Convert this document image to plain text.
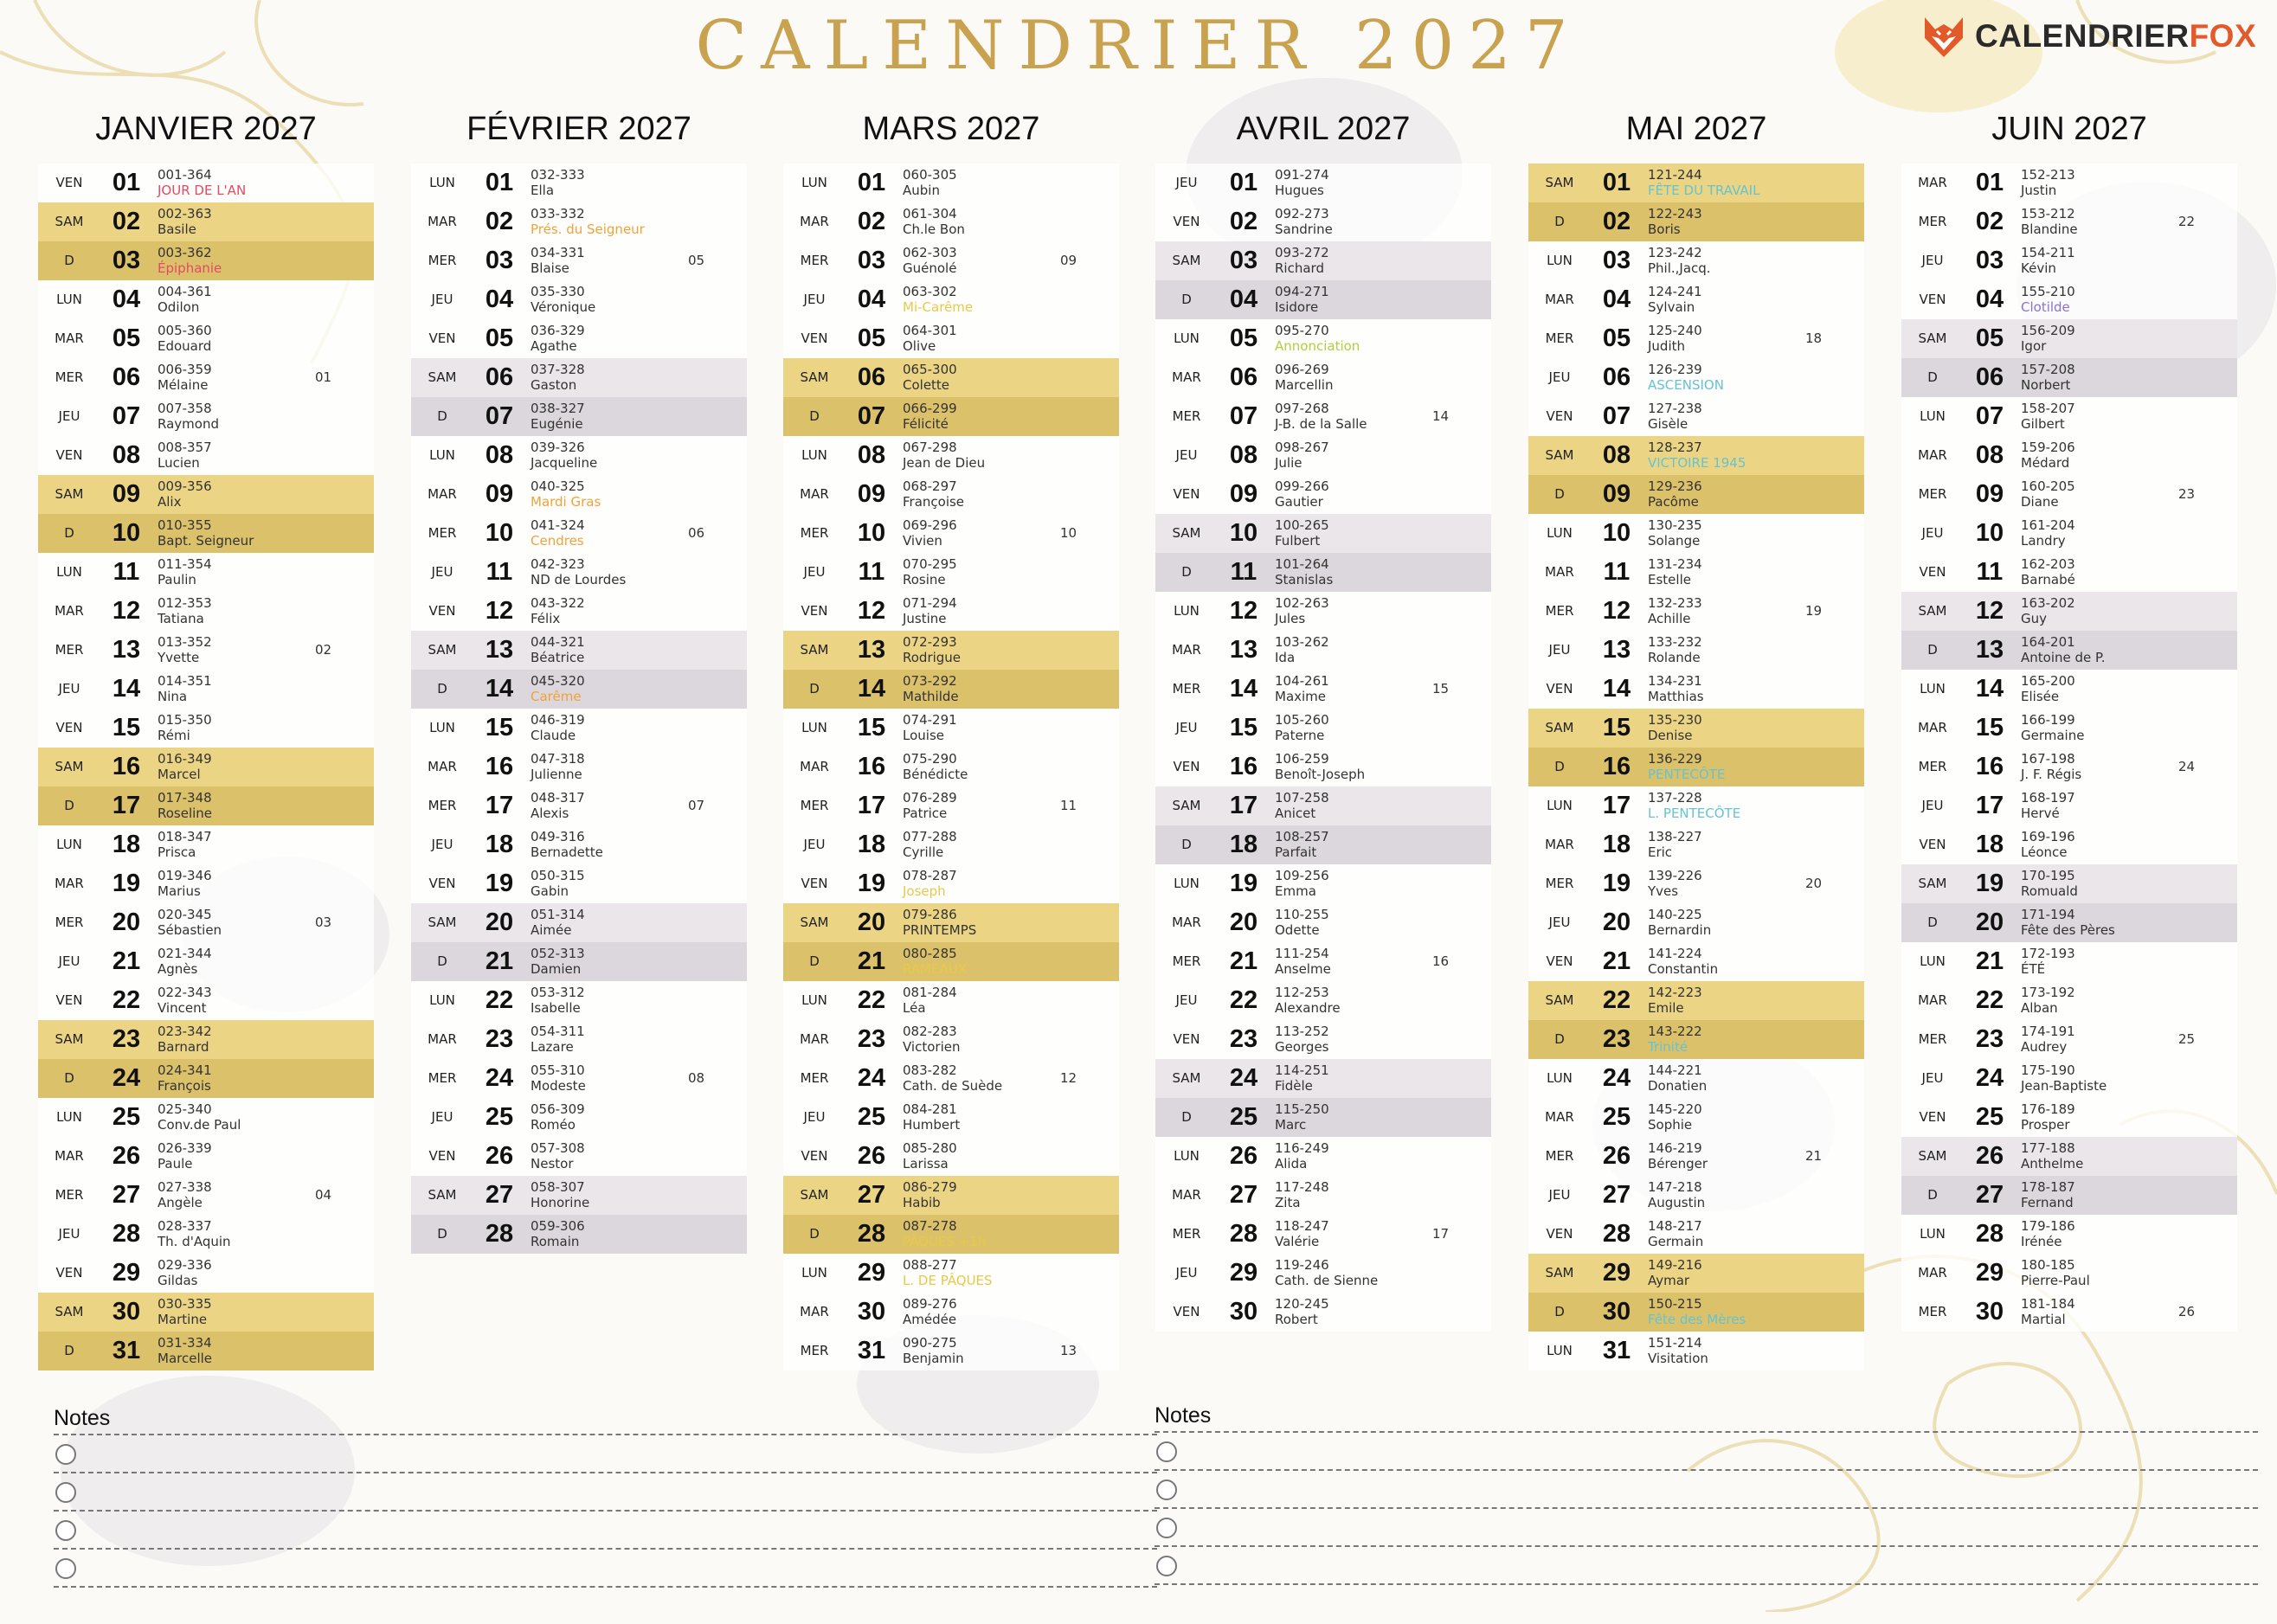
CALENDRIER 2027	CALENDRIERFOX
JANVIER 2027
VEN	01	001-364
JOUR DE L'AN
SAM	02	002-363
Basile
D	03	003-362
Épiphanie
LUN	04	004-361
Odilon
MAR	05	005-360
Edouard
MER	06	006-359
Mélaine	01
JEU	07	007-358
Raymond
VEN	08	008-357
Lucien
SAM	09	009-356
Alix
D	10	010-355
Bapt. Seigneur
LUN	11	011-354
Paulin
MAR	12	012-353
Tatiana
MER	13	013-352
Yvette	02
JEU	14	014-351
Nina
VEN	15	015-350
Rémi
SAM	16	016-349
Marcel
D	17	017-348
Roseline
LUN	18	018-347
Prisca
MAR	19	019-346
Marius
MER	20	020-345
Sébastien	03
JEU	21	021-344
Agnès
VEN	22	022-343
Vincent
SAM	23	023-342
Barnard
D	24	024-341
François
LUN	25	025-340
Conv.de Paul
MAR	26	026-339
Paule
MER	27	027-338
Angèle	04
JEU	28	028-337
Th. d'Aquin
VEN	29	029-336
Gildas
SAM	30	030-335
Martine
D	31	031-334
Marcelle
FÉVRIER 2027
LUN	01	032-333
Ella
MAR	02	033-332
Prés. du Seigneur
MER	03	034-331
Blaise	05
JEU	04	035-330
Véronique
VEN	05	036-329
Agathe
SAM	06	037-328
Gaston
D	07	038-327
Eugénie
LUN	08	039-326
Jacqueline
MAR	09	040-325
Mardi Gras
MER	10	041-324
Cendres	06
JEU	11	042-323
ND de Lourdes
VEN	12	043-322
Félix
SAM	13	044-321
Béatrice
D	14	045-320
Carême
LUN	15	046-319
Claude
MAR	16	047-318
Julienne
MER	17	048-317
Alexis	07
JEU	18	049-316
Bernadette
VEN	19	050-315
Gabin
SAM	20	051-314
Aimée
D	21	052-313
Damien
LUN	22	053-312
Isabelle
MAR	23	054-311
Lazare
MER	24	055-310
Modeste	08
JEU	25	056-309
Roméo
VEN	26	057-308
Nestor
SAM	27	058-307
Honorine
D	28	059-306
Romain
MARS 2027
LUN	01	060-305
Aubin
MAR	02	061-304
Ch.le Bon
MER	03	062-303
Guénolé	09
JEU	04	063-302
Mi-Carême
VEN	05	064-301
Olive
SAM	06	065-300
Colette
D	07	066-299
Félicité
LUN	08	067-298
Jean de Dieu
MAR	09	068-297
Françoise
MER	10	069-296
Vivien	10
JEU	11	070-295
Rosine
VEN	12	071-294
Justine
SAM	13	072-293
Rodrigue
D	14	073-292
Mathilde
LUN	15	074-291
Louise
MAR	16	075-290
Bénédicte
MER	17	076-289
Patrice	11
JEU	18	077-288
Cyrille
VEN	19	078-287
Joseph
SAM	20	079-286
PRINTEMPS
D	21	080-285
RAMEAUX
LUN	22	081-284
Léa
MAR	23	082-283
Victorien
MER	24	083-282
Cath. de Suède	12
JEU	25	084-281
Humbert
VEN	26	085-280
Larissa
SAM	27	086-279
Habib
D	28	087-278
PÂQUES +1h
LUN	29	088-277
L. DE PÂQUES
MAR	30	089-276
Amédée
MER	31	090-275
Benjamin	13
AVRIL 2027
JEU	01	091-274
Hugues
VEN	02	092-273
Sandrine
SAM	03	093-272
Richard
D	04	094-271
Isidore
LUN	05	095-270
Annonciation
MAR	06	096-269
Marcellin
MER	07	097-268
J-B. de la Salle	14
JEU	08	098-267
Julie
VEN	09	099-266
Gautier
SAM	10	100-265
Fulbert
D	11	101-264
Stanislas
LUN	12	102-263
Jules
MAR	13	103-262
Ida
MER	14	104-261
Maxime	15
JEU	15	105-260
Paterne
VEN	16	106-259
Benoît-Joseph
SAM	17	107-258
Anicet
D	18	108-257
Parfait
LUN	19	109-256
Emma
MAR	20	110-255
Odette
MER	21	111-254
Anselme	16
JEU	22	112-253
Alexandre
VEN	23	113-252
Georges
SAM	24	114-251
Fidèle
D	25	115-250
Marc
LUN	26	116-249
Alida
MAR	27	117-248
Zita
MER	28	118-247
Valérie	17
JEU	29	119-246
Cath. de Sienne
VEN	30	120-245
Robert
MAI 2027
SAM	01	121-244
FÊTE DU TRAVAIL
D	02	122-243
Boris
LUN	03	123-242
Phil.,Jacq.
MAR	04	124-241
Sylvain
MER	05	125-240
Judith	18
JEU	06	126-239
ASCENSION
VEN	07	127-238
Gisèle
SAM	08	128-237
VICTOIRE 1945
D	09	129-236
Pacôme
LUN	10	130-235
Solange
MAR	11	131-234
Estelle
MER	12	132-233
Achille	19
JEU	13	133-232
Rolande
VEN	14	134-231
Matthias
SAM	15	135-230
Denise
D	16	136-229
PENTECÔTE
LUN	17	137-228
L. PENTECÔTE
MAR	18	138-227
Eric
MER	19	139-226
Yves	20
JEU	20	140-225
Bernardin
VEN	21	141-224
Constantin
SAM	22	142-223
Emile
D	23	143-222
Trinité
LUN	24	144-221
Donatien
MAR	25	145-220
Sophie
MER	26	146-219
Bérenger	21
JEU	27	147-218
Augustin
VEN	28	148-217
Germain
SAM	29	149-216
Aymar
D	30	150-215
Fête des Mères
LUN	31	151-214
Visitation
JUIN 2027
MAR	01	152-213
Justin
MER	02	153-212
Blandine	22
JEU	03	154-211
Kévin
VEN	04	155-210
Clotilde
SAM	05	156-209
Igor
D	06	157-208
Norbert
LUN	07	158-207
Gilbert
MAR	08	159-206
Médard
MER	09	160-205
Diane	23
JEU	10	161-204
Landry
VEN	11	162-203
Barnabé
SAM	12	163-202
Guy
D	13	164-201
Antoine de P.
LUN	14	165-200
Elisée
MAR	15	166-199
Germaine
MER	16	167-198
J. F. Régis	24
JEU	17	168-197
Hervé
VEN	18	169-196
Léonce
SAM	19	170-195
Romuald
D	20	171-194
Fête des Pères
LUN	21	172-193
ÉTÉ
MAR	22	173-192
Alban
MER	23	174-191
Audrey	25
JEU	24	175-190
Jean-Baptiste
VEN	25	176-189
Prosper
SAM	26	177-188
Anthelme
D	27	178-187
Fernand
LUN	28	179-186
Irénée
MAR	29	180-185
Pierre-Paul
MER	30	181-184
Martial	26
Notes	Notes
